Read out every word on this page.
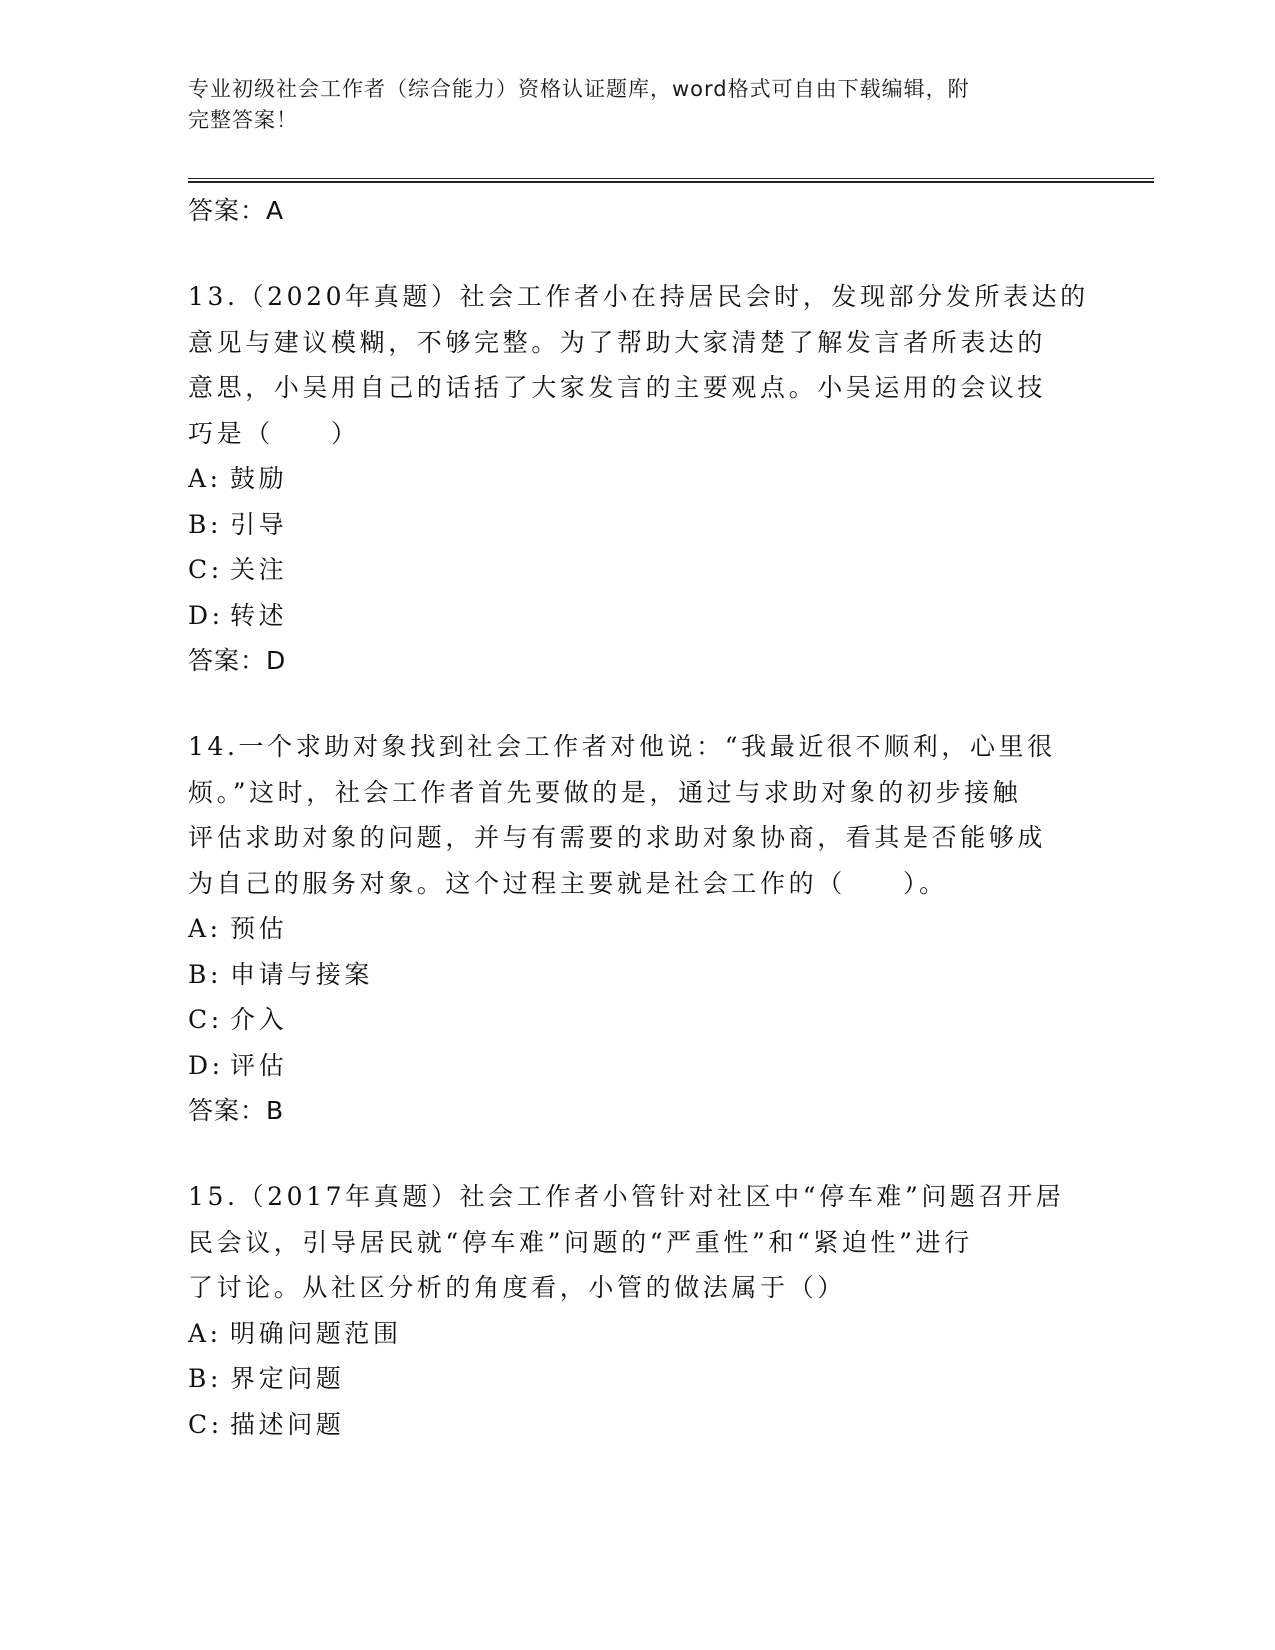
专业初级社会工作者（综合能力）资格认证题库，word格式可自由下载编辑，附
完整答案！
答案：A
13.（2020年真题）社会工作者小在持居民会时，发现部分发所表达的
意见与建议模糊，不够完整。为了帮助大家清楚了解发言者所表达的
意思，小吴用自己的话括了大家发言的主要观点。小吴运用的会议技
巧是（　　）
A: 鼓励
B: 引导
C: 关注
D: 转述
答案：D
14.一个求助对象找到社会工作者对他说：“我最近很不顺利，心里很
烦。”这时，社会工作者首先要做的是，通过与求助对象的初步接触
评估求助对象的问题，并与有需要的求助对象协商，看其是否能够成
为自己的服务对象。这个过程主要就是社会工作的（　　）。
A: 预估
B: 申请与接案
C: 介入
D: 评估
答案：B
15.（2017年真题）社会工作者小管针对社区中“停车难”问题召开居
民会议，引导居民就“停车难”问题的“严重性”和“紧迫性”进行
了讨论。从社区分析的角度看，小管的做法属于（）
A: 明确问题范围
B: 界定问题
C: 描述问题
